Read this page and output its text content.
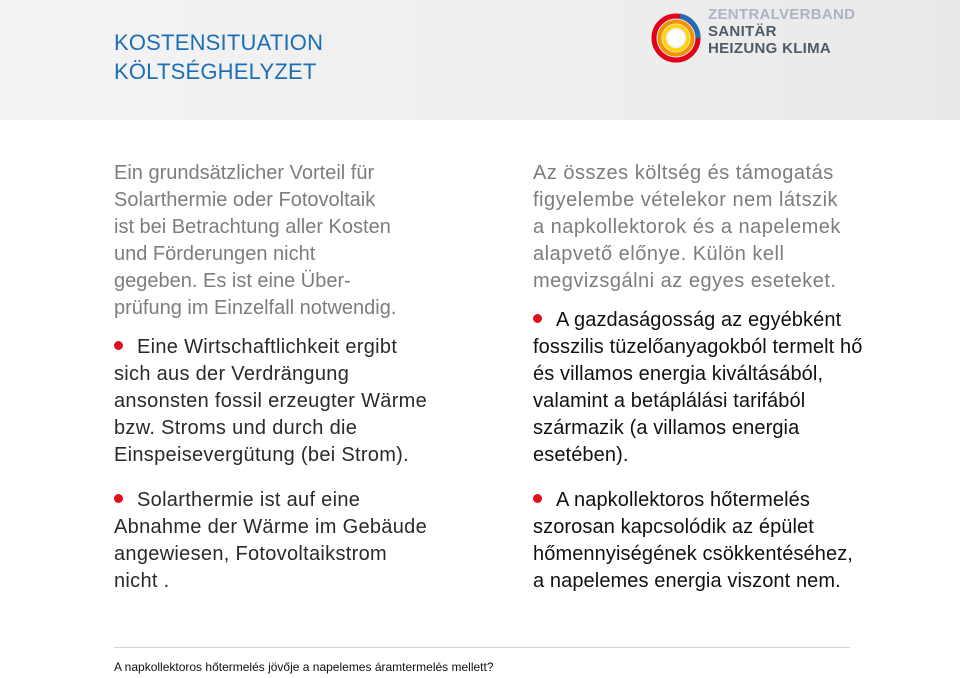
KOSTENSITUATION
KÖLTSÉGHELYZET
ZENTRALVERBAND
SANITÄR
HEIZUNG KLIMA

Ein grundsätzlicher Vorteil für
Solarthermie oder Fotovoltaik
ist bei Betrachtung aller Kosten
und Förderungen nicht
gegeben. Es ist eine Über-
prüfung im Einzelfall notwendig.

Eine Wirtschaftlichkeit ergibt
sich aus der Verdrängung
ansonsten fossil erzeugter Wärme
bzw. Stroms und durch die
Einspeisevergütung (bei Strom).

Solarthermie ist auf eine
Abnahme der Wärme im Gebäude
angewiesen, Fotovoltaikstrom
nicht .

Az összes költség és támogatás
figyelembe vételekor nem látszik
a napkollektorok és a napelemek
alapvető előnye. Külön kell
megvizsgálni az egyes eseteket.

A gazdaságosság az egyébként
fosszilis tüzelőanyagokból termelt hő
és villamos energia kiváltásából,
valamint a betáplálási tarifából
származik (a villamos energia
esetében).

A napkollektoros hőtermelés
szorosan kapcsolódik az épület
hőmennyiségének csökkentéséhez,
a napelemes energia viszont nem.

A napkollektoros hőtermelés jövője a napelemes áramtermelés mellett?
